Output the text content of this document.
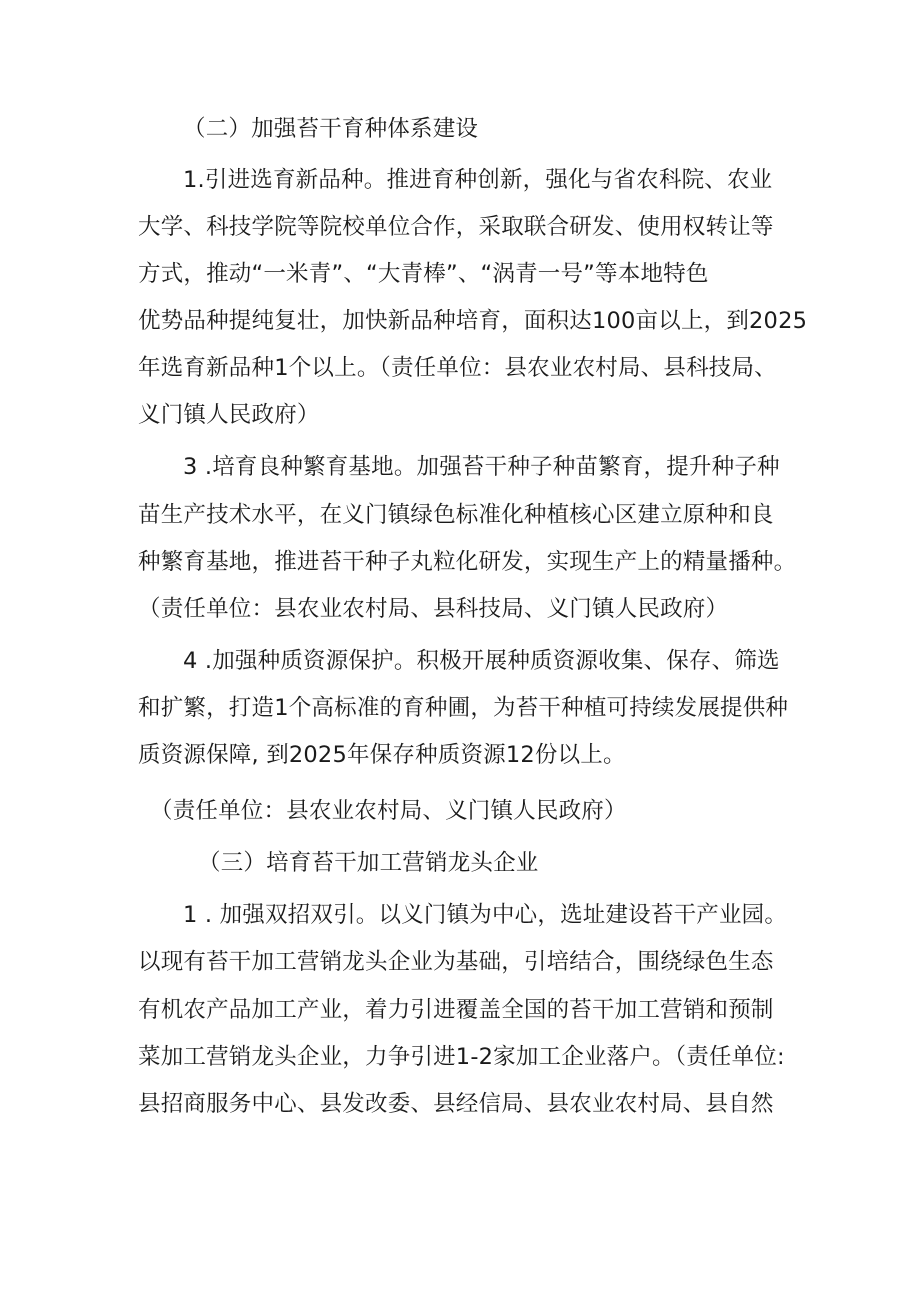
（二）加强苔干育种体系建设
1.引进选育新品种。推进育种创新，强化与省农科院、农业
大学、科技学院等院校单位合作，采取联合研发、使用权转让等
方式，推动“一米青”、“大青棒”、“涡青一号”等本地特色
优势品种提纯复壮，加快新品种培育，面积达100亩以上，到2025
年选育新品种1个以上。（责任单位：县农业农村局、县科技局、
义门镇人民政府）
3 .培育良种繁育基地。加强苔干种子种苗繁育，提升种子种
苗生产技术水平，在义门镇绿色标准化种植核心区建立原种和良
种繁育基地，推进苔干种子丸粒化研发，实现生产上的精量播种。
（责任单位：县农业农村局、县科技局、义门镇人民政府）
4 .加强种质资源保护。积极开展种质资源收集、保存、筛选
和扩繁，打造1个高标准的育种圃，为苔干种植可持续发展提供种
质资源保障, 到2025年保存种质资源12份以上。
（责任单位：县农业农村局、义门镇人民政府）
（三）培育苔干加工营销龙头企业
1 . 加强双招双引。以义门镇为中心，选址建设苔干产业园。
以现有苔干加工营销龙头企业为基础，引培结合，围绕绿色生态
有机农产品加工产业，着力引进覆盖全国的苔干加工营销和预制
菜加工营销龙头企业，力争引进1-2家加工企业落户。（责任单位:
县招商服务中心、县发改委、县经信局、县农业农村局、县自然
